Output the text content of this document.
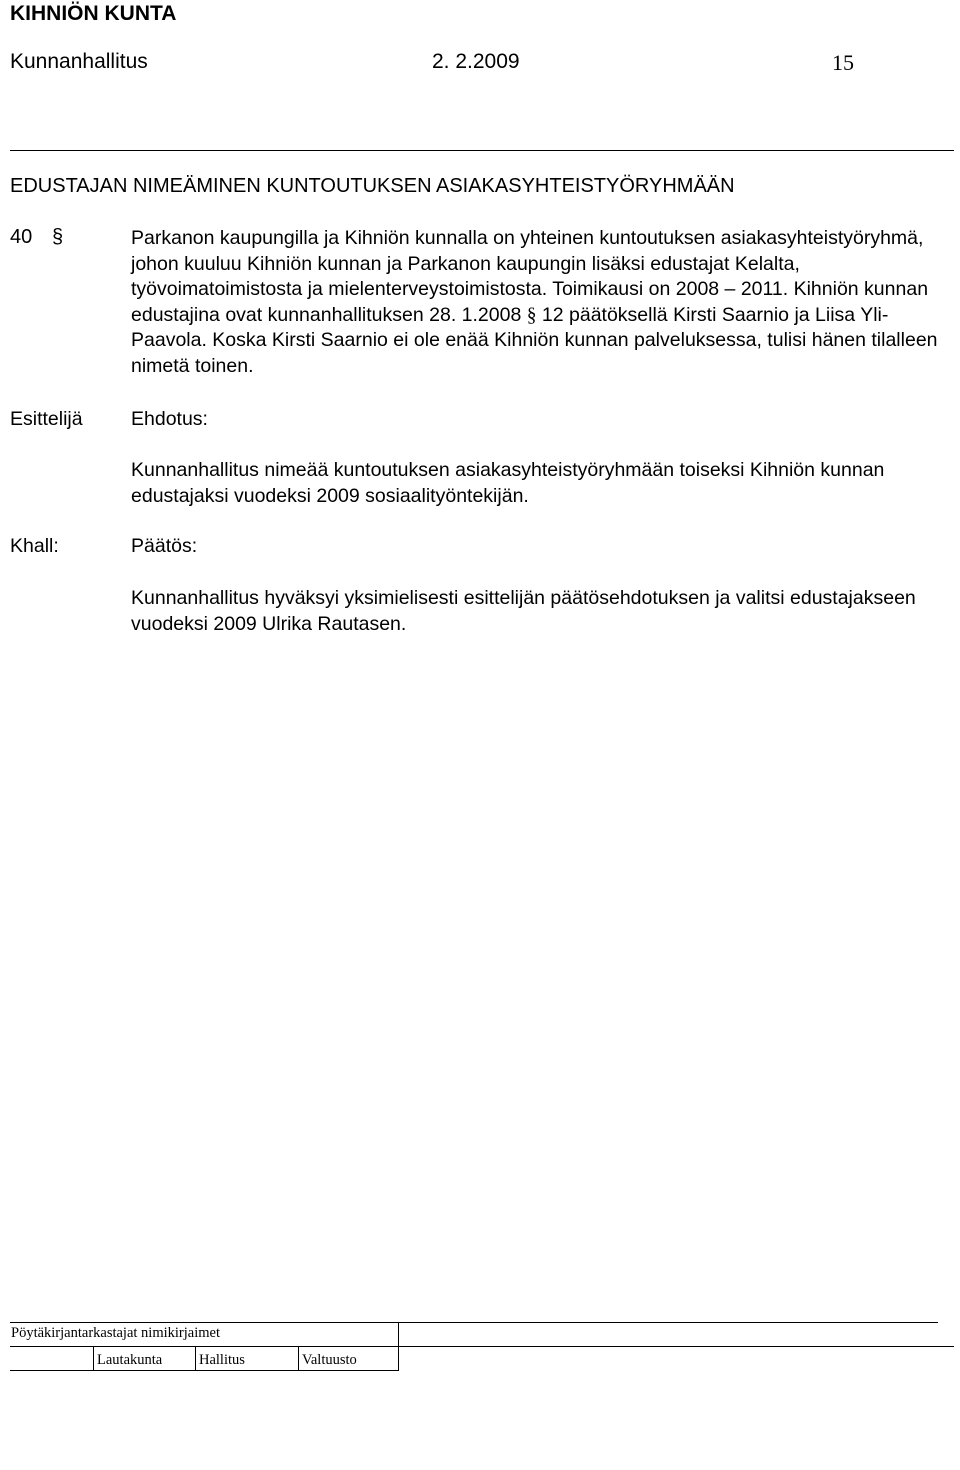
KIHNIÖN KUNTA
Kunnanhallitus	2. 2.2009	15
EDUSTAJAN NIMEÄMINEN KUNTOUTUKSEN ASIAKASYHTEISTYÖRYHMÄÄN
40 §	Parkanon kaupungilla ja Kihniön kunnalla on yhteinen kuntoutuksen asiakasyhteistyöryhmä, johon kuuluu Kihniön kunnan ja Parkanon kaupungin lisäksi edustajat Kelalta, työvoimatoimistosta ja mielenterveystoimistosta. Toimikausi on 2008 – 2011. Kihniön kunnan edustajina ovat kunnanhallituksen 28. 1.2008 § 12 päätöksellä Kirsti Saarnio ja Liisa Yli-Paavola. Koska Kirsti Saarnio ei ole enää Kihniön kunnan palveluksessa, tulisi hänen tilalleen nimetä toinen.
Esittelijä Ehdotus:
Kunnanhallitus nimeää kuntoutuksen asiakasyhteistyöryhmään toiseksi Kihniön kunnan edustajaksi vuodeksi 2009 sosiaalityöntekijän.
Khall:	Päätös:
Kunnanhallitus hyväksyi yksimielisesti esittelijän päätösehdotuksen ja valitsi edustajakseen vuodeksi 2009 Ulrika Rautasen.
Pöytäkirjantarkastajat nimikirjaimet
Lautakunta	Hallitus	Valtuusto
